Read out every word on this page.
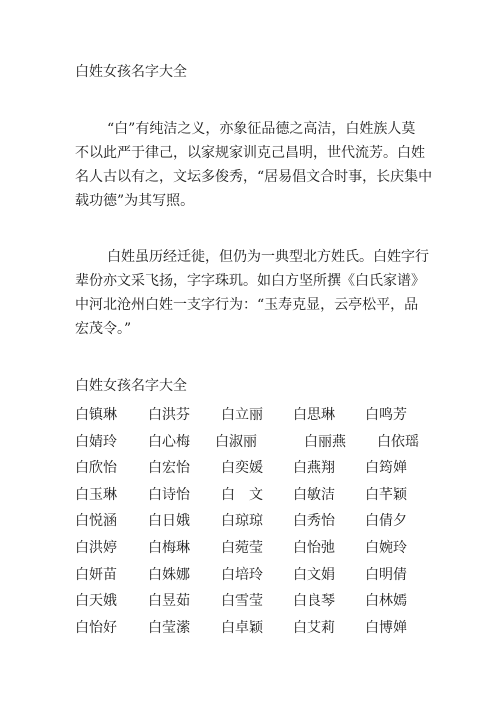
白姓女孩名字大全
“白”有纯洁之义，亦象征品德之高洁，白姓族人莫
不以此严于律己，以家规家训克己昌明，世代流芳。白姓
名人古以有之，文坛多俊秀，“居易倡文合时事，长庆集中
载功德”为其写照。
白姓虽历经迁徙，但仍为一典型北方姓氏。白姓字行
辈份亦文采飞扬，字字珠玑。如白方坚所撰《白氏家谱》
中河北沧州白姓一支字行为：“玉寿克显，云亭松平，品
宏茂令。”
白姓女孩名字大全
白镇琳 白洪芬 白立丽 白思琳 白鸣芳
白婧玲 白心梅 白淑丽	白丽燕 白依瑶
白欣怡 白宏怡 白奕媛 白燕翔 白筠婵
白玉琳 白诗怡 白　文 白敏洁 白芊颖
白悦涵 白日娥 白琼琼 白秀怡 白倩夕
白洪婷 白梅琳 白菀莹 白怡弛 白婉玲
白妍苗 白姝娜 白培玲 白文娟 白明倩
白天娥 白昱茹 白雪莹 白良琴 白林嫣
白怡好 白莹潆 白卓颖 白艾莉 白博婵
